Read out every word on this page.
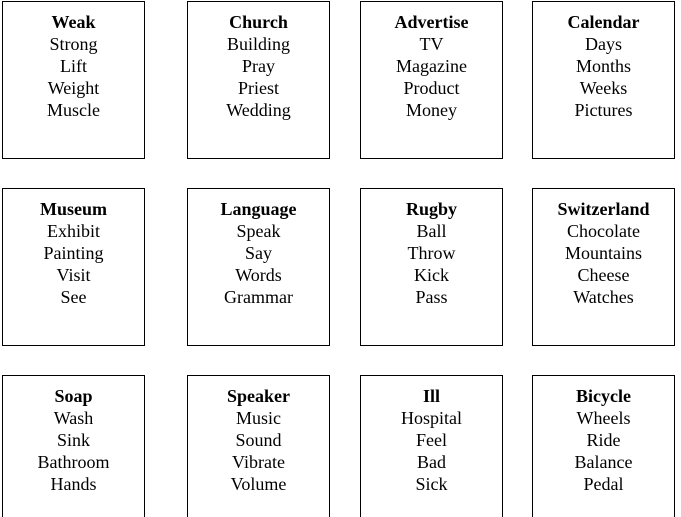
Weak
Strong
Lift
Weight
Muscle
Church
Building
Pray
Priest
Wedding
Advertise
TV
Magazine
Product
Money
Calendar
Days
Months
Weeks
Pictures
Museum
Exhibit
Painting
Visit
See
Language
Speak
Say
Words
Grammar
Rugby
Ball
Throw
Kick
Pass
Switzerland
Chocolate
Mountains
Cheese
Watches
Soap
Wash
Sink
Bathroom
Hands
Speaker
Music
Sound
Vibrate
Volume
Ill
Hospital
Feel
Bad
Sick
Bicycle
Wheels
Ride
Balance
Pedal
